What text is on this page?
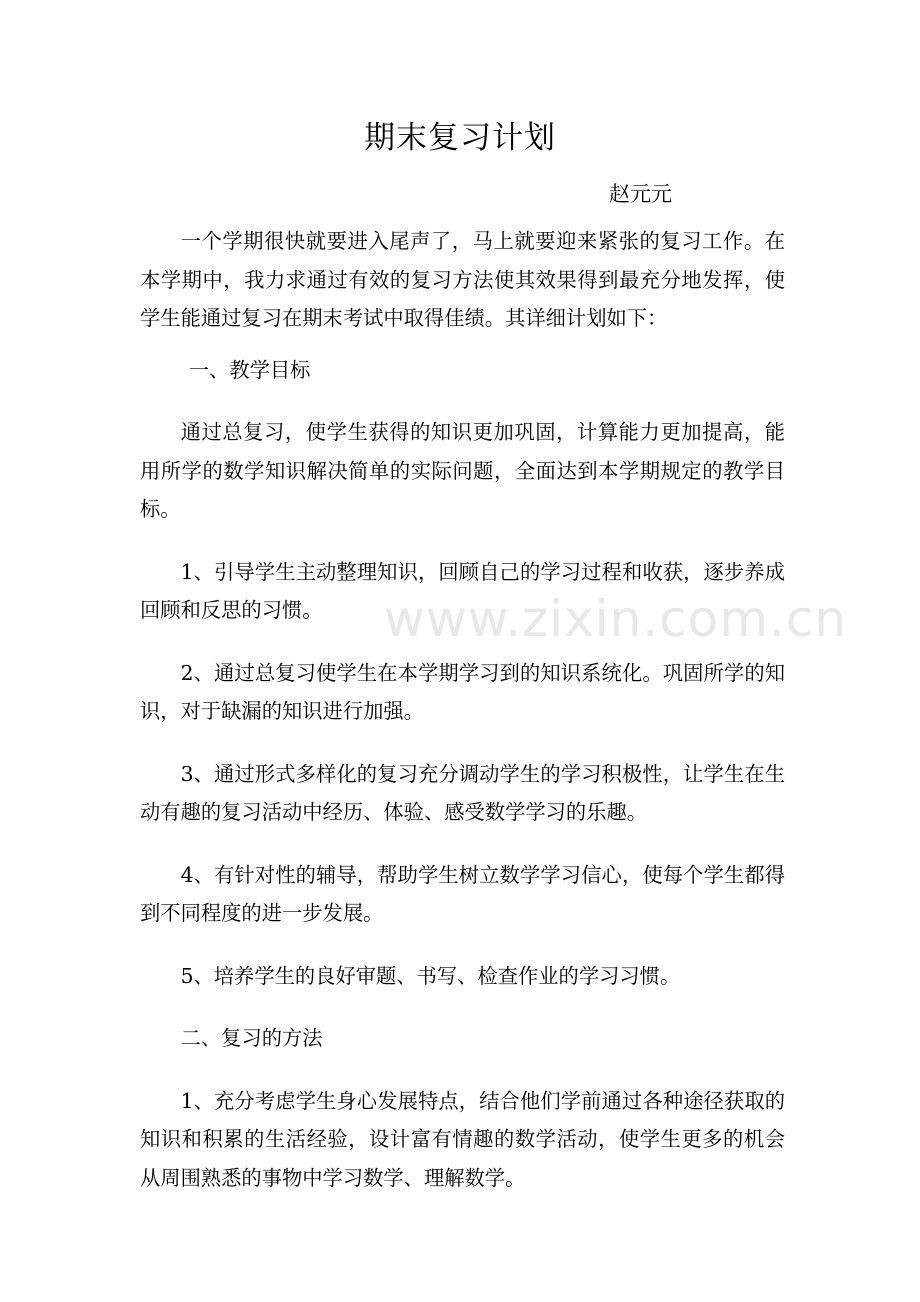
期末复习计划
赵元元

一个学期很快就要进入尾声了，马上就要迎来紧张的复习工作。在本学期中，我力求通过有效的复习方法使其效果得到最充分地发挥，使学生能通过复习在期末考试中取得佳绩。其详细计划如下：

一、教学目标

通过总复习，使学生获得的知识更加巩固，计算能力更加提高，能用所学的数学知识解决简单的实际问题，全面达到本学期规定的教学目标。

1、引导学生主动整理知识，回顾自己的学习过程和收获，逐步养成回顾和反思的习惯。

2、通过总复习使学生在本学期学习到的知识系统化。巩固所学的知识，对于缺漏的知识进行加强。

3、通过形式多样化的复习充分调动学生的学习积极性，让学生在生动有趣的复习活动中经历、体验、感受数学学习的乐趣。

4、有针对性的辅导，帮助学生树立数学学习信心，使每个学生都得到不同程度的进一步发展。

5、培养学生的良好审题、书写、检查作业的学习习惯。

二、复习的方法

1、充分考虑学生身心发展特点，结合他们学前通过各种途径获取的知识和积累的生活经验，设计富有情趣的数学活动，使学生更多的机会从周围熟悉的事物中学习数学、理解数学。

www.zixin.com.cn
